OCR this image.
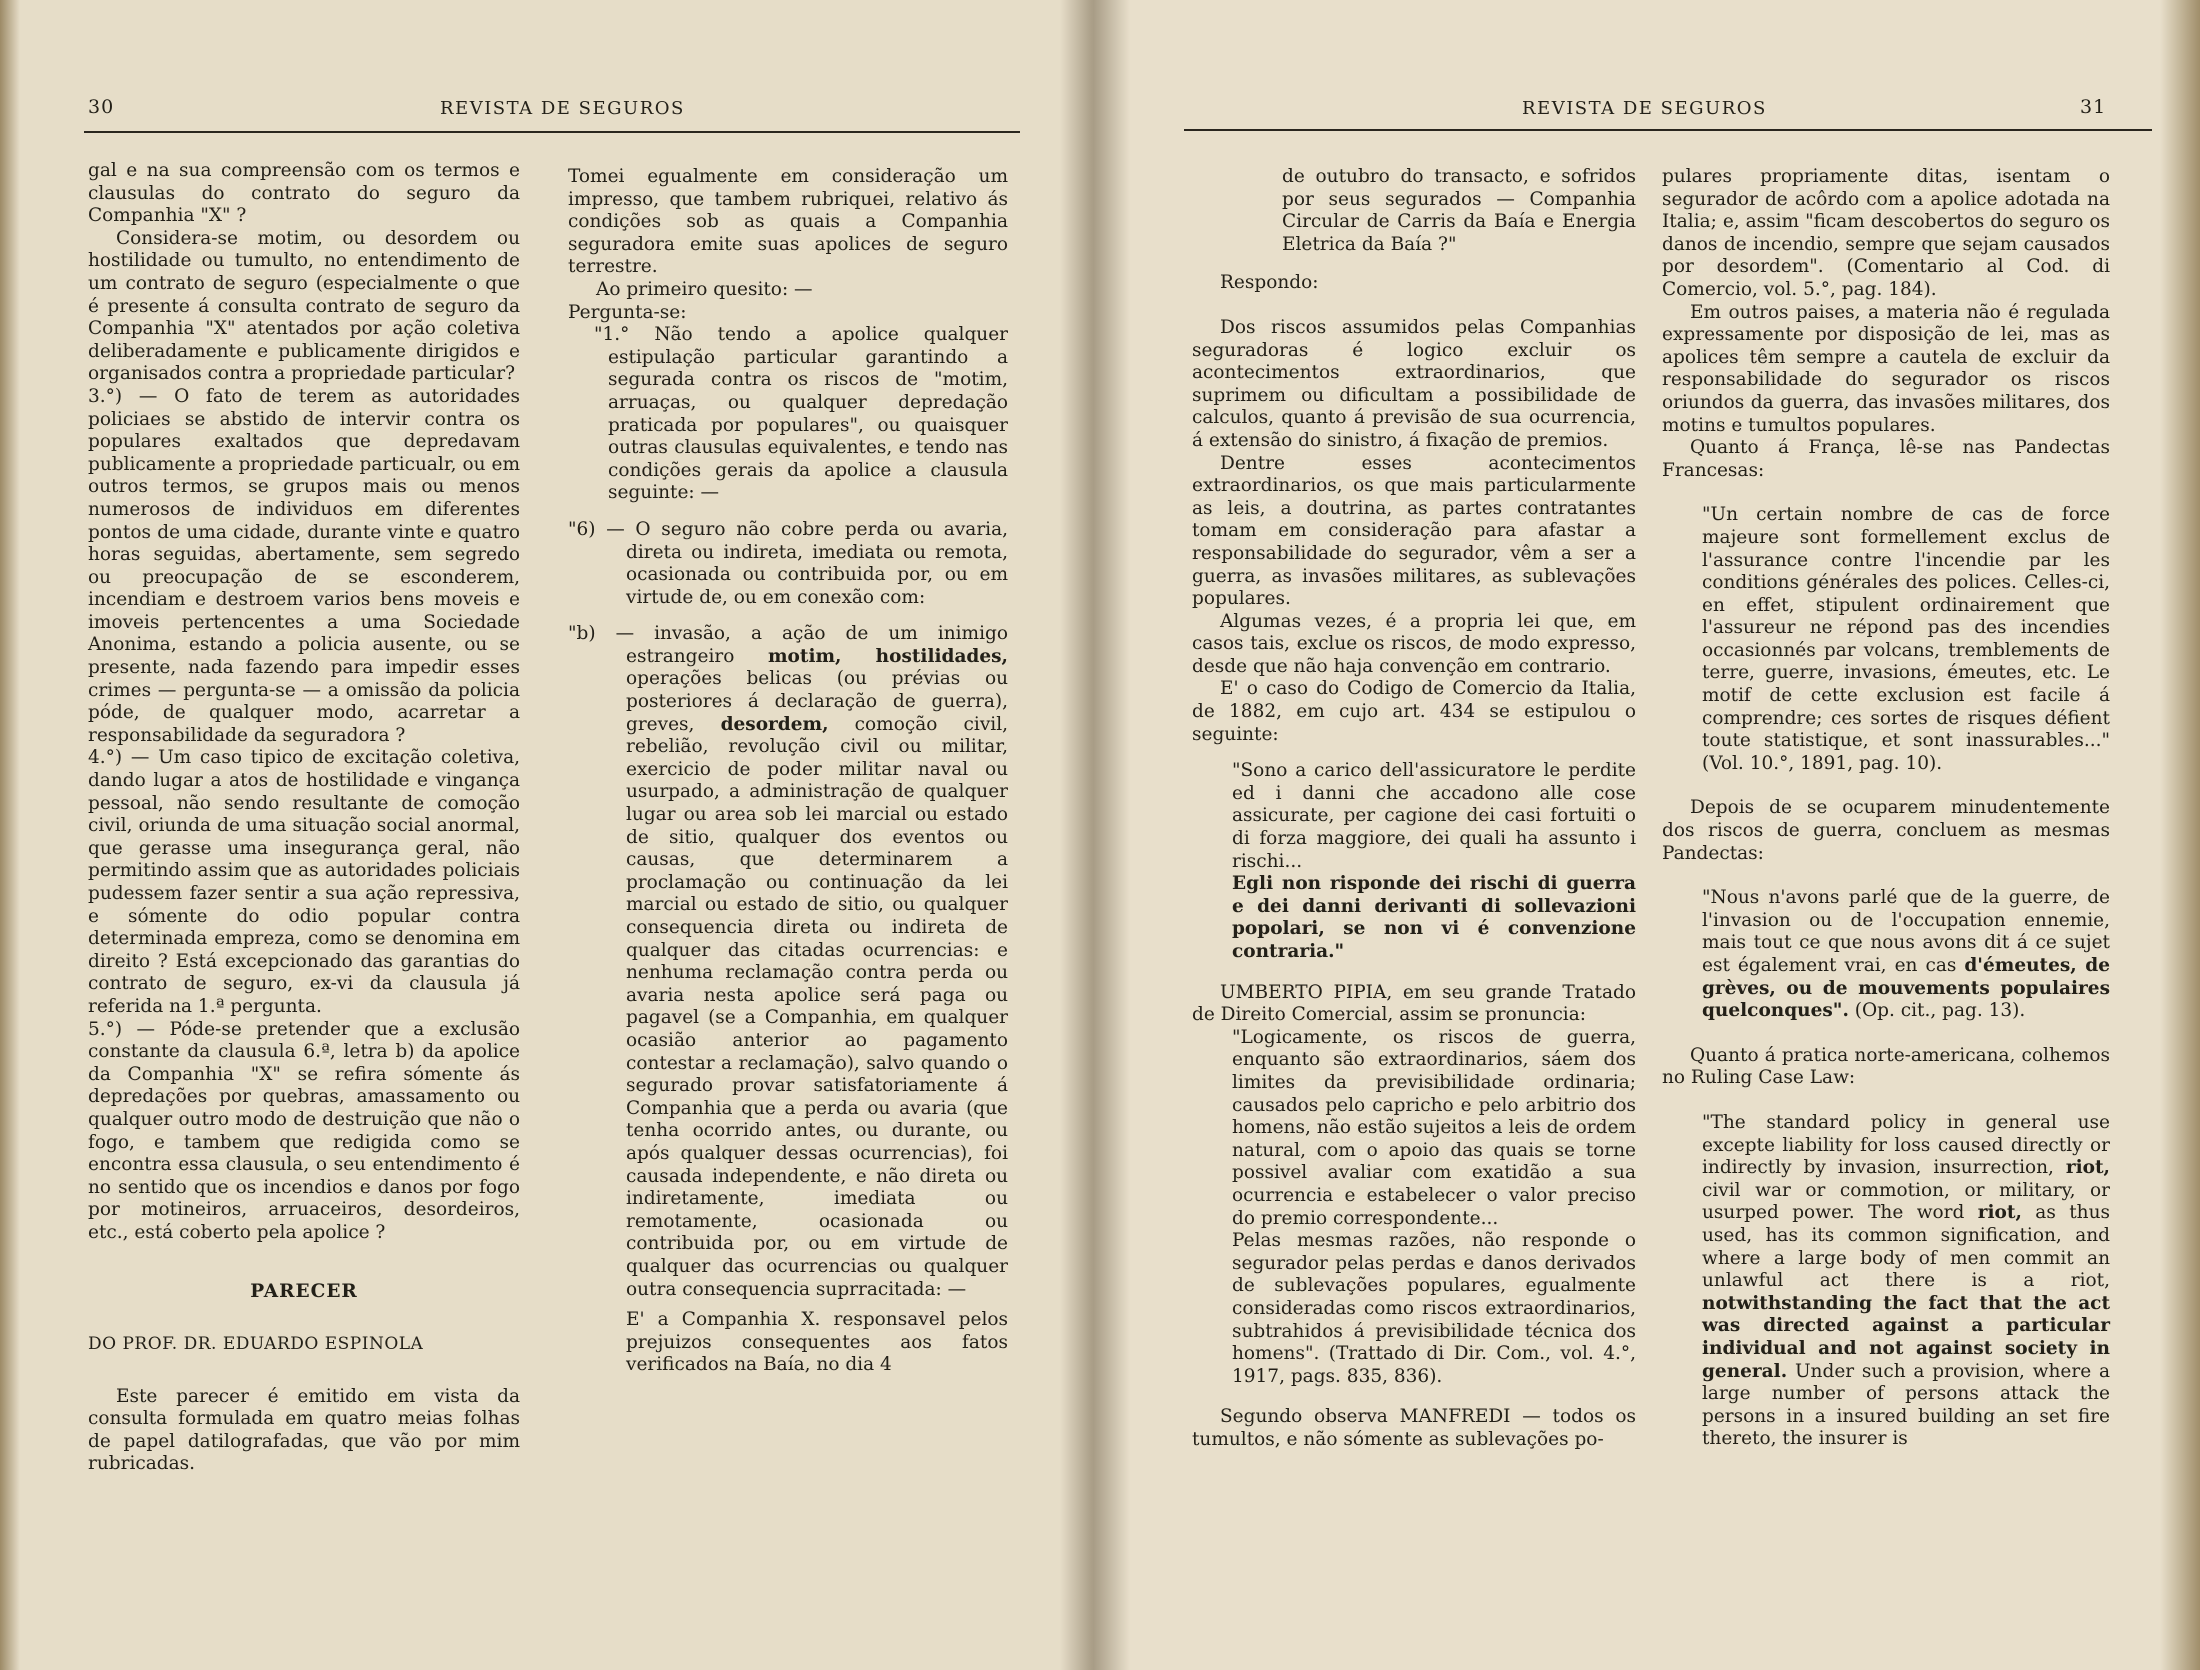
30	REVISTA DE SEGUROS

gal e na sua compreensão com os termos e clausulas do contrato do seguro da Companhia "X" ?

Considera-se motim, ou desordem ou hostilidade ou tumulto, no entendimento de um contrato de seguro (especialmente o que é presente á consulta contrato de seguro da Companhia "X" atentados por ação coletiva deliberadamente e publicamente dirigidos e organisados contra a propriedade particular?

3.°) — O fato de terem as autoridades policiaes se abstido de intervir contra os populares exaltados que depredavam publicamente a propriedade particualr, ou em outros termos, se grupos mais ou menos numerosos de individuos em diferentes pontos de uma cidade, durante vinte e quatro horas seguidas, abertamente, sem segredo ou preocupação de se esconderem, incendiam e destroem varios bens moveis e imoveis pertencentes a uma Sociedade Anonima, estando a policia ausente, ou se presente, nada fazendo para impedir esses crimes — pergunta-se — a omissão da policia póde, de qualquer modo, acarretar a responsabilidade da seguradora ?

4.°) — Um caso tipico de excitação coletiva, dando lugar a atos de hostilidade e vingança pessoal, não sendo resultante de comoção civil, oriunda de uma situação social anormal, que gerasse uma insegurança geral, não permitindo assim que as autoridades policiais pudessem fazer sentir a sua ação repressiva, e sómente do odio popular contra determinada empreza, como se denomina em direito ? Está excepcionado das garantias do contrato de seguro, ex-vi da clausula já referida na 1.ª pergunta.

5.°) — Póde-se pretender que a exclusão constante da clausula 6.ª, letra b) da apolice da Companhia "X" se refira sómente ás depredações por quebras, amassamento ou qualquer outro modo de destruição que não o fogo, e tambem que redigida como se encontra essa clausula, o seu entendimento é no sentido que os incendios e danos por fogo por motineiros, arruaceiros, desordeiros, etc., está coberto pela apolice ?

PARECER

DO PROF. DR. EDUARDO ESPINOLA

Este parecer é emitido em vista da consulta formulada em quatro meias folhas de papel datilografadas, que vão por mim rubricadas.

Tomei egualmente em consideração um impresso, que tambem rubriquei, relativo ás condições sob as quais a Companhia seguradora emite suas apolices de seguro terrestre.

Ao primeiro quesito: —

Pergunta-se:

"1.° Não tendo a apolice qualquer estipulação particular garantindo a segurada contra os riscos de "motim, arruaças, ou qualquer depredação praticada por populares", ou quaisquer outras clausulas equivalentes, e tendo nas condições gerais da apolice a clausula seguinte: —

"6) — O seguro não cobre perda ou avaria, direta ou indireta, imediata ou remota, ocasionada ou contribuida por, ou em virtude de, ou em conexão com:

"b) — invasão, a ação de um inimigo estrangeiro motim, hostilidades, operações belicas (ou prévias ou posteriores á declaração de guerra), greves, desordem, comoção civil, rebelião, revolução civil ou militar, exercicio de poder militar naval ou usurpado, a administração de qualquer lugar ou area sob lei marcial ou estado de sitio, qualquer dos eventos ou causas, que determinarem a proclamação ou continuação da lei marcial ou estado de sitio, ou qualquer consequencia direta ou indireta de qualquer das citadas ocurrencias: e nenhuma reclamação contra perda ou avaria nesta apolice será paga ou pagavel (se a Companhia, em qualquer ocasião anterior ao pagamento contestar a reclamação), salvo quando o segurado provar satisfatoriamente á Companhia que a perda ou avaria (que tenha ocorrido antes, ou durante, ou após qualquer dessas ocurrencias), foi causada independente, e não direta ou indiretamente, imediata ou remotamente, ocasionada ou contribuida por, ou em virtude de qualquer das ocurrencias ou qualquer outra consequencia suprracitada: —

E' a Companhia X. responsavel pelos prejuizos consequentes aos fatos verificados na Baía, no dia 4

REVISTA DE SEGUROS	31

de outubro do transacto, e sofridos por seus segurados — Companhia Circular de Carris da Baía e Energia Eletrica da Baía ?"

Respondo:

Dos riscos assumidos pelas Companhias seguradoras é logico excluir os acontecimentos extraordinarios, que suprimem ou dificultam a possibilidade de calculos, quanto á previsão de sua ocurrencia, á extensão do sinistro, á fixação de premios.

Dentre esses acontecimentos extraordinarios, os que mais particularmente as leis, a doutrina, as partes contratantes tomam em consideração para afastar a responsabilidade do segurador, vêm a ser a guerra, as invasões militares, as sublevações populares.

Algumas vezes, é a propria lei que, em casos tais, exclue os riscos, de modo expresso, desde que não haja convenção em contrario.

E' o caso do Codigo de Comercio da Italia, de 1882, em cujo art. 434 se estipulou o seguinte:

"Sono a carico dell'assicuratore le perdite ed i danni che accadono alle cose assicurate, per cagione dei casi fortuiti o di forza maggiore, dei quali ha assunto i rischi...

Egli non risponde dei rischi di guerra e dei danni derivanti di sollevazioni popolari, se non vi é convenzione contraria."

UMBERTO PIPIA, em seu grande Tratado de Direito Comercial, assim se pronuncia:

"Logicamente, os riscos de guerra, enquanto são extraordinarios, sáem dos limites da previsibilidade ordinaria; causados pelo capricho e pelo arbitrio dos homens, não estão sujeitos a leis de ordem natural, com o apoio das quais se torne possivel avaliar com exatidão a sua ocurrencia e estabelecer o valor preciso do premio correspondente...

Pelas mesmas razões, não responde o segurador pelas perdas e danos derivados de sublevações populares, egualmente consideradas como riscos extraordinarios, subtrahidos á previsibilidade técnica dos homens". (Trattado di Dir. Com., vol. 4.°, 1917, pags. 835, 836).

Segundo observa MANFREDI — todos os tumultos, e não sómente as sublevações po-

pulares propriamente ditas, isentam o segurador de acôrdo com a apolice adotada na Italia; e, assim "ficam descobertos do seguro os danos de incendio, sempre que sejam causados por desordem". (Comentario al Cod. di Comercio, vol. 5.°, pag. 184).

Em outros paises, a materia não é regulada expressamente por disposição de lei, mas as apolices têm sempre a cautela de excluir da responsabilidade do segurador os riscos oriundos da guerra, das invasões militares, dos motins e tumultos populares.

Quanto á França, lê-se nas Pandectas Francesas:

"Un certain nombre de cas de force majeure sont formellement exclus de l'assurance contre l'incendie par les conditions générales des polices. Celles-ci, en effet, stipulent ordinairement que l'assureur ne répond pas des incendies occasionnés par volcans, tremblements de terre, guerre, invasions, émeutes, etc. Le motif de cette exclusion est facile á comprendre; ces sortes de risques défient toute statistique, et sont inassurables..." (Vol. 10.°, 1891, pag. 10).

Depois de se ocuparem minudentemente dos riscos de guerra, concluem as mesmas Pandectas:

"Nous n'avons parlé que de la guerre, de l'invasion ou de l'occupation ennemie, mais tout ce que nous avons dit á ce sujet est également vrai, en cas d'émeutes, de grèves, ou de mouvements populaires quelconques". (Op. cit., pag. 13).

Quanto á pratica norte-americana, colhemos no Ruling Case Law:

"The standard policy in general use excepte liability for loss caused directly or indirectly by invasion, insurrection, riot, civil war or commotion, or military, or usurped power. The word riot, as thus used, has its common signification, and where a large body of men commit an unlawful act there is a riot, notwithstanding the fact that the act was directed against a particular individual and not against society in general. Under such a provision, where a large number of persons attack the persons in a insured building an set fire thereto, the insurer is
